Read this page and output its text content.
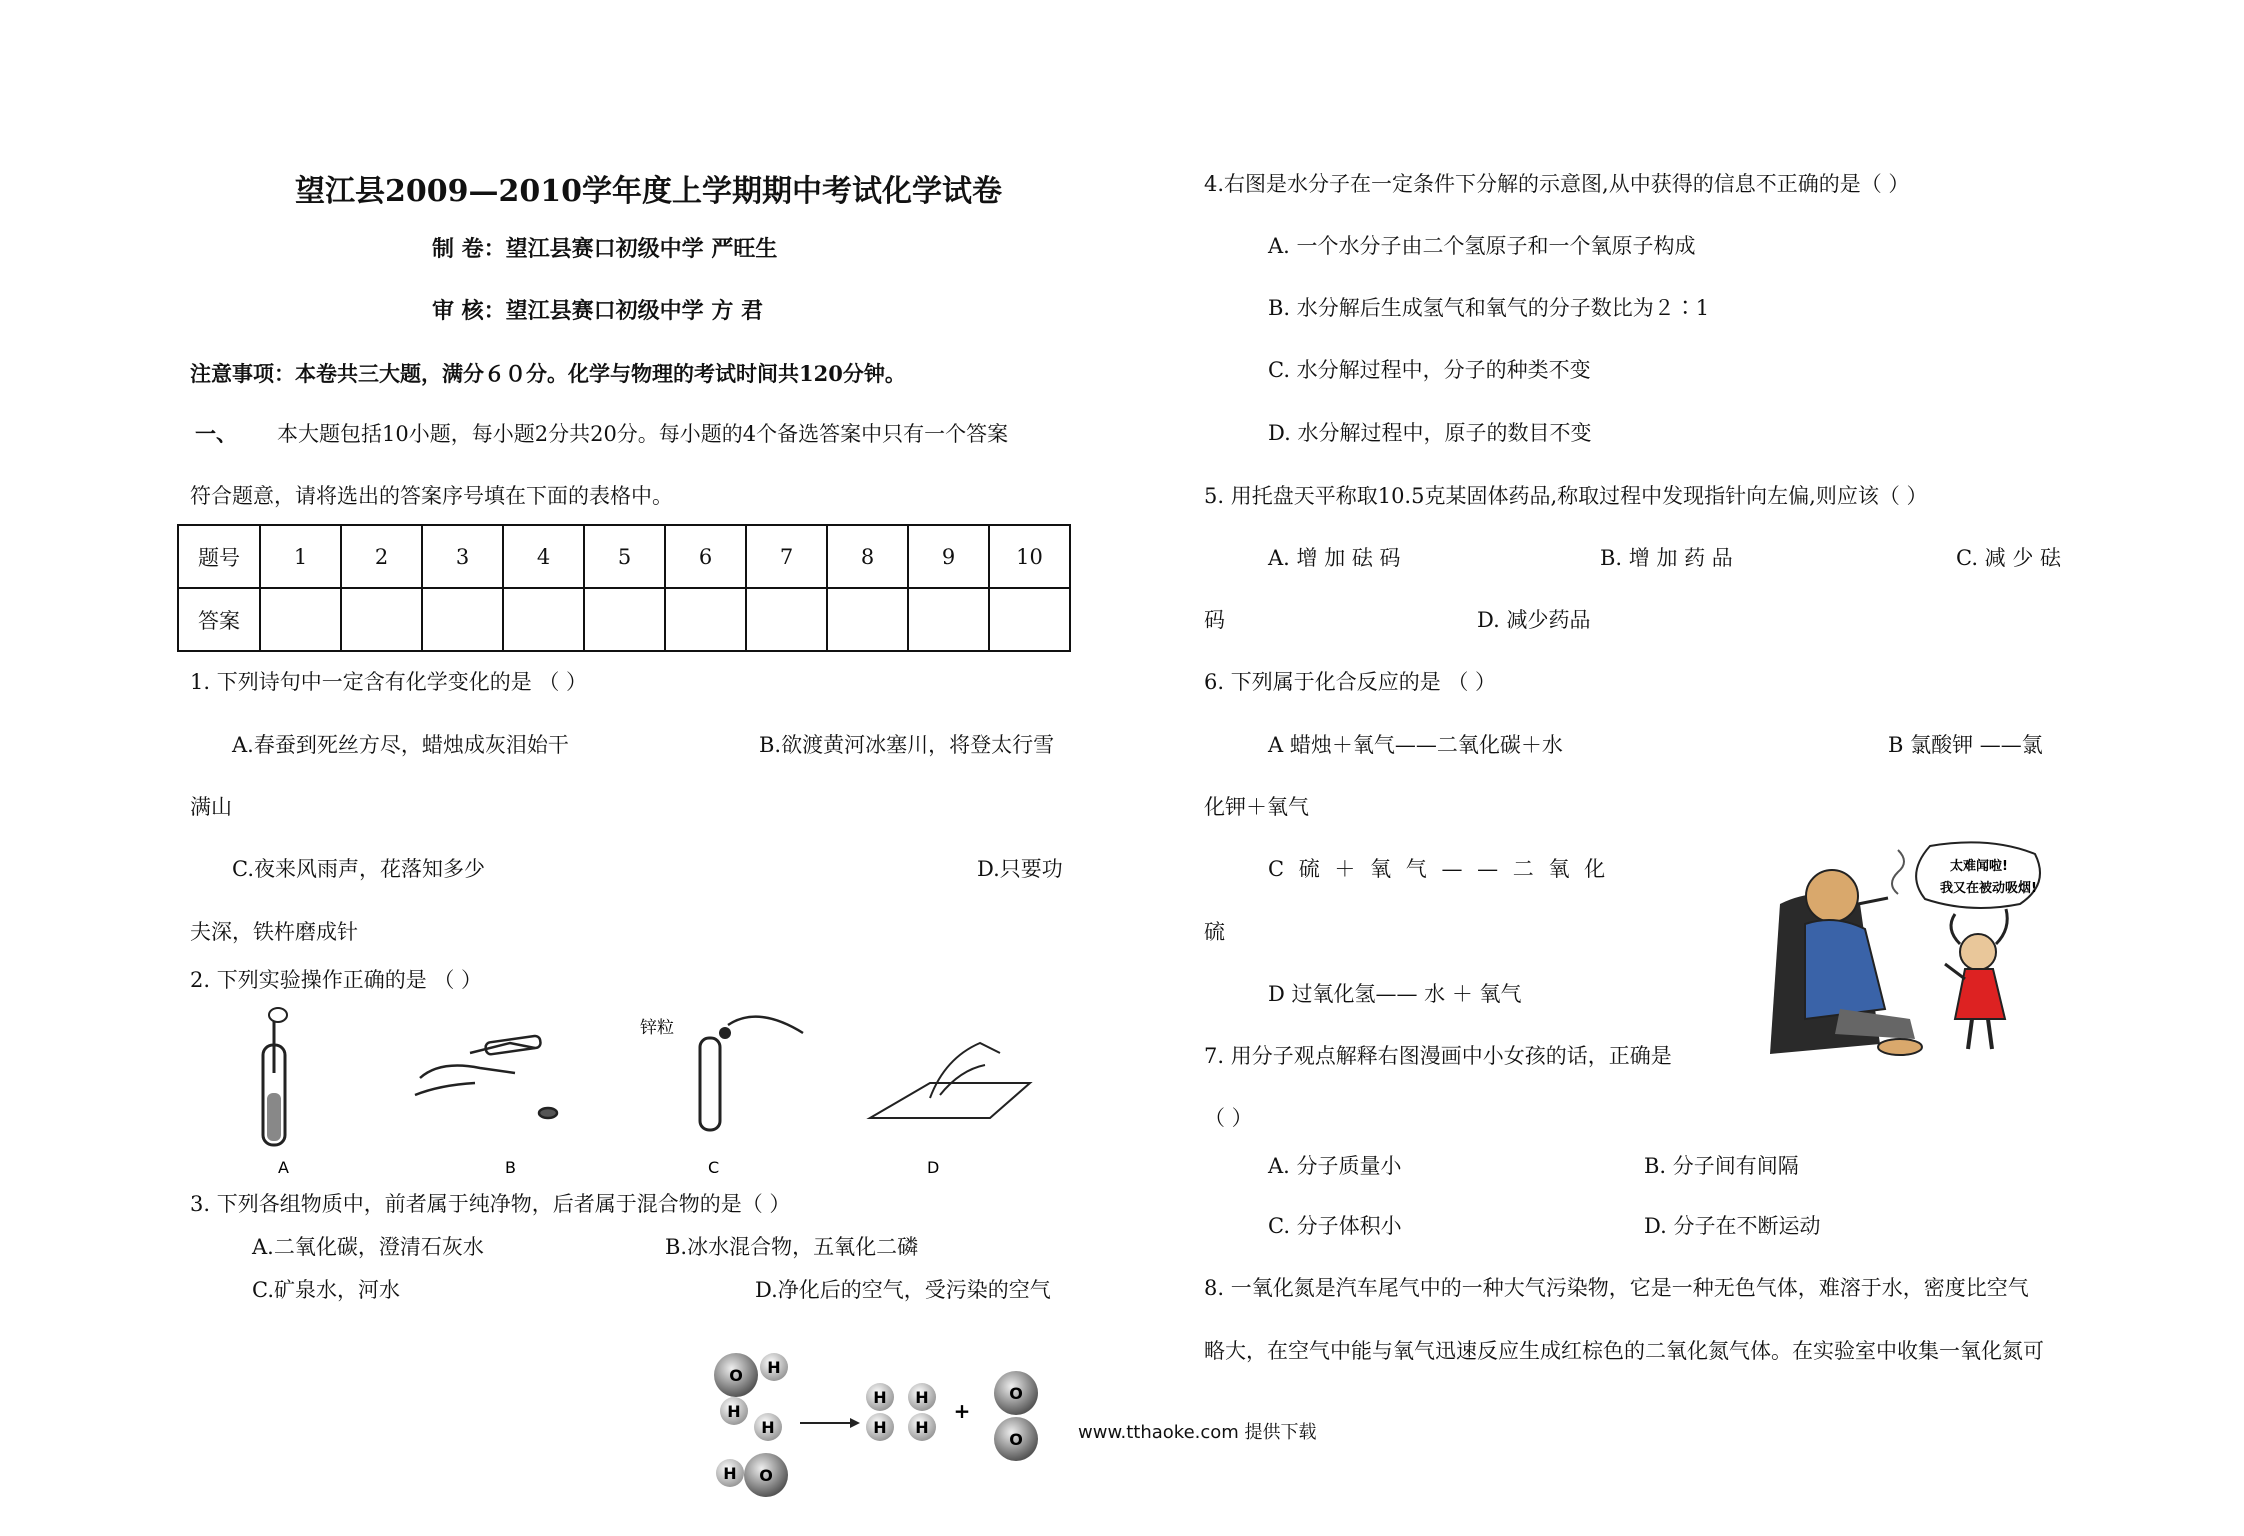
望江县2009—2010学年度上学期期中考试化学试卷
制 卷：望江县赛口初级中学 严旺生
审 核：望江县赛口初级中学 方 君
注意事项：本卷共三大题，满分６０分。化学与物理的考试时间共120分钟。
一、 本大题包括10小题，每小题2分共20分。每小题的4个备选答案中只有一个答案
符合题意，请将选出的答案序号填在下面的表格中。
题号	1	2	3	4	5	6	7	8	9	10
答案										
1. 下列诗句中一定含有化学变化的是 （ ）
A.春蚕到死丝方尽，蜡烛成灰泪始干	B.欲渡黄河冰塞川，将登太行雪
满山
C.夜来风雨声，花落知多少	D.只要功
夫深，铁杵磨成针
2. 下列实验操作正确的是 （ ）
锌粒
A	B	C	D
3. 下列各组物质中，前者属于纯净物，后者属于混合物的是（ ）
A.二氧化碳，澄清石灰水	B.冰水混合物，五氧化二磷
C.矿泉水，河水	D.净化后的空气，受污染的空气
O H
H
H
H O
H
H
H
H
+
O
O	www.tthaoke.com 提供下载
4.右图是水分子在一定条件下分解的示意图,从中获得的信息不正确的是（ ）
A. 一个水分子由二个氢原子和一个氧原子构成
B. 水分解后生成氢气和氧气的分子数比为２∶1
C. 水分解过程中，分子的种类不变
D. 水分解过程中，原子的数目不变
5. 用托盘天平称取10.5克某固体药品,称取过程中发现指针向左偏,则应该（ ）
A. 增 加 砝 码	B. 增 加 药 品	C. 减 少 砝
码	D. 减少药品
6. 下列属于化合反应的是 （ ）
A 蜡烛＋氧气——二氧化碳＋水	B 氯酸钾 ——氯
化钾＋氧气
C 硫 ＋ 氧 气 — — 二 氧 化
硫
D 过氧化氢—— 水 ＋ 氧气
太难闻啦!
我又在被动吸烟!
7. 用分子观点解释右图漫画中小女孩的话，正确是
（ ）
A. 分子质量小	B. 分子间有间隔
C. 分子体积小	D. 分子在不断运动
8. 一氧化氮是汽车尾气中的一种大气污染物，它是一种无色气体，难溶于水，密度比空气
略大，在空气中能与氧气迅速反应生成红棕色的二氧化氮气体。在实验室中收集一氧化氮可
